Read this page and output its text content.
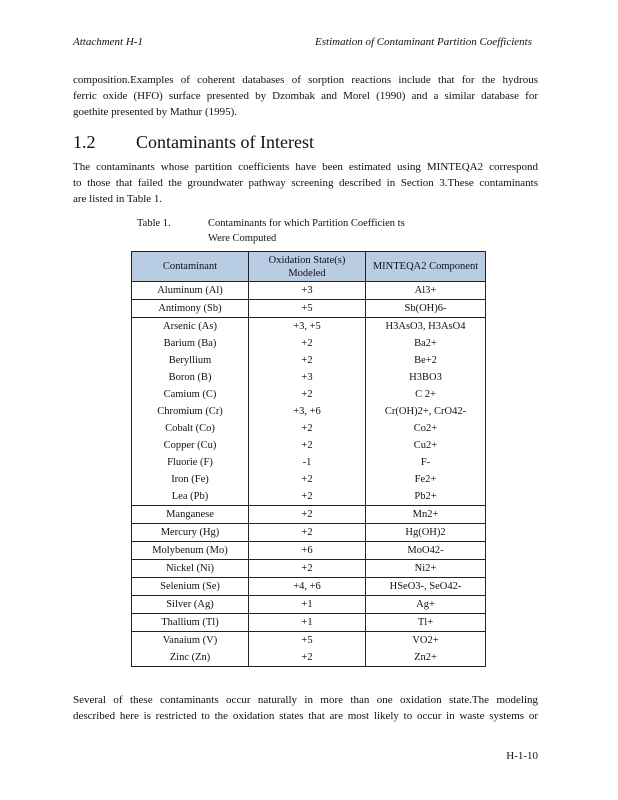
Attachment H-1	Estimation of Contaminant Partition Coefficients
composition.Examples of coherent databases of sorption reactions include that for the hydrous
ferric oxide (HFO) surface presented by Dzombak and Morel (1990) and a similar database for
goethite presented by Mathur (1995).
1.2 Contaminants of Interest
The contaminants whose partition coefficients have been estimated using MINTEQA2 correspond
to those that failed the groundwater pathway screening described in Section 3.These contaminants
are listed in Table 1.
Table 1.	Contaminants for which Partition Coefficien ts
Were Computed
Contaminant	Oxidation State(s) Modeled	MINTEQA2 Component
Aluminum (Al)	+3	Al3+
Antimony (Sb)	+5	Sb(OH)6-
Arsenic (As)	+3, +5	H3AsO3, H3AsO4
Barium (Ba)	+2	Ba2+
Beryllium	+2	Be+2
Boron (B)	+3	H3BO3
Camium (C)	+2	C 2+
Chromium (Cr)	+3, +6	Cr(OH)2+, CrO42-
Cobalt (Co)	+2	Co2+
Copper (Cu)	+2	Cu2+
Fluorie (F)	-1	F-
Iron (Fe)	+2	Fe2+
Lea (Pb)	+2	Pb2+
Manganese	+2	Mn2+
Mercury (Hg)	+2	Hg(OH)2
Molybenum (Mo)	+6	MoO42-
Nickel (Ni)	+2	Ni2+
Selenium (Se)	+4, +6	HSeO3-, SeO42-
Silver (Ag)	+1	Ag+
Thallium (Tl)	+1	Tl+
Vanaium (V)	+5	VO2+
Zinc (Zn)	+2	Zn2+
Several of these contaminants occur naturally in more than one oxidation state.The modeling
described here is restricted to the oxidation states that are most likely to occur in waste systems or
H-1-10
